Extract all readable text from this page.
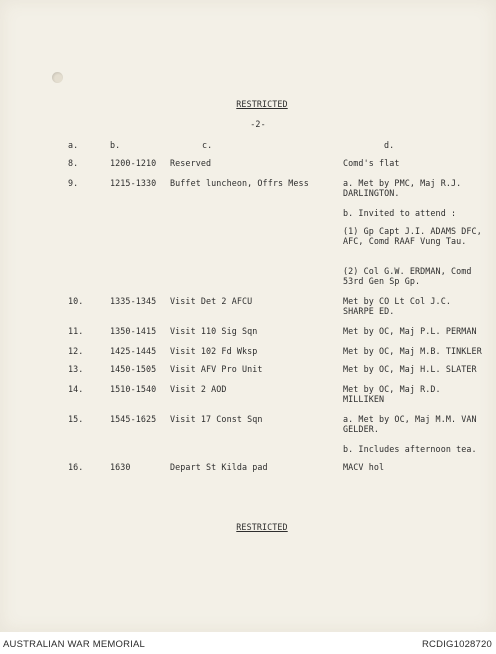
RESTRICTED
-2-
a.	b.	c.	d.
8.	1200-1210 Reserved	Comd's flat
9.	1215-1330 Buffet luncheon, Offrs Mess	a. Met by PMC, Maj R.J. DARLINGTON.
b. Invited to attend :
(1) Gp Capt J.I. ADAMS DFC, AFC, Comd RAAF Vung Tau.
(2) Col G.W. ERDMAN, Comd 53rd Gen Sp Gp.
10.	1335-1345 Visit Det 2 AFCU	Met by CO Lt Col J.C. SHARPE ED.
11.	1350-1415 Visit 110 Sig Sqn	Met by OC, Maj P.L. PERMAN
12.	1425-1445 Visit 102 Fd Wksp	Met by OC, Maj M.B. TINKLER
13.	1450-1505 Visit AFV Pro Unit	Met by OC, Maj H.L. SLATER
14.	1510-1540 Visit 2 AOD	Met by OC, Maj R.D. MILLIKEN
15.	1545-1625 Visit 17 Const Sqn	a. Met by OC, Maj M.M. VAN GELDER.
b. Includes afternoon tea.
16.	1630	Depart St Kilda pad	MACV hol
RESTRICTED
AUSTRALIAN WAR MEMORIAL	RCDIG1028720
